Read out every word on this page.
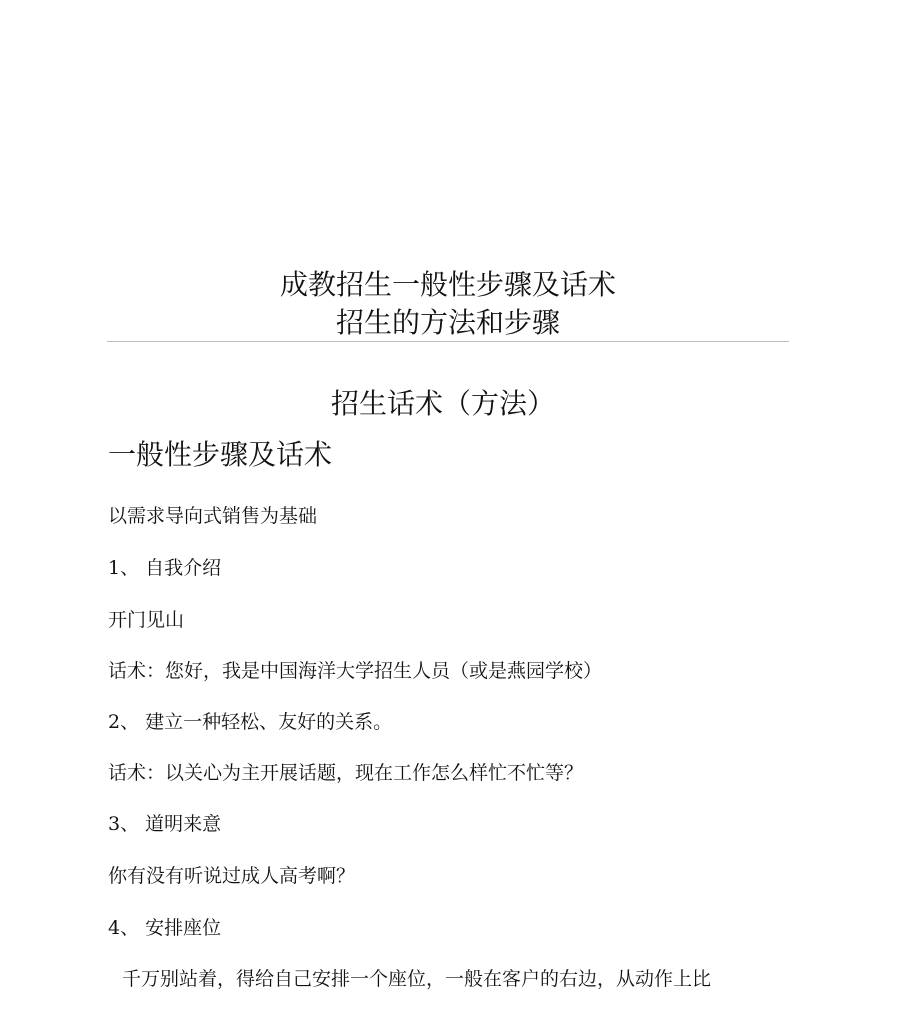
成教招生一般性步骤及话术
招生的方法和步骤
招生话术（方法）
一般性步骤及话术
以需求导向式销售为基础
1、 自我介绍
开门见山
话术：您好，我是中国海洋大学招生人员（或是燕园学校）
2、 建立一种轻松、友好的关系。
话术：以关心为主开展话题，现在工作怎么样忙不忙等？
3、 道明来意
你有没有听说过成人高考啊？
4、 安排座位
千万别站着，得给自己安排一个座位，一般在客户的右边，从动作上比
